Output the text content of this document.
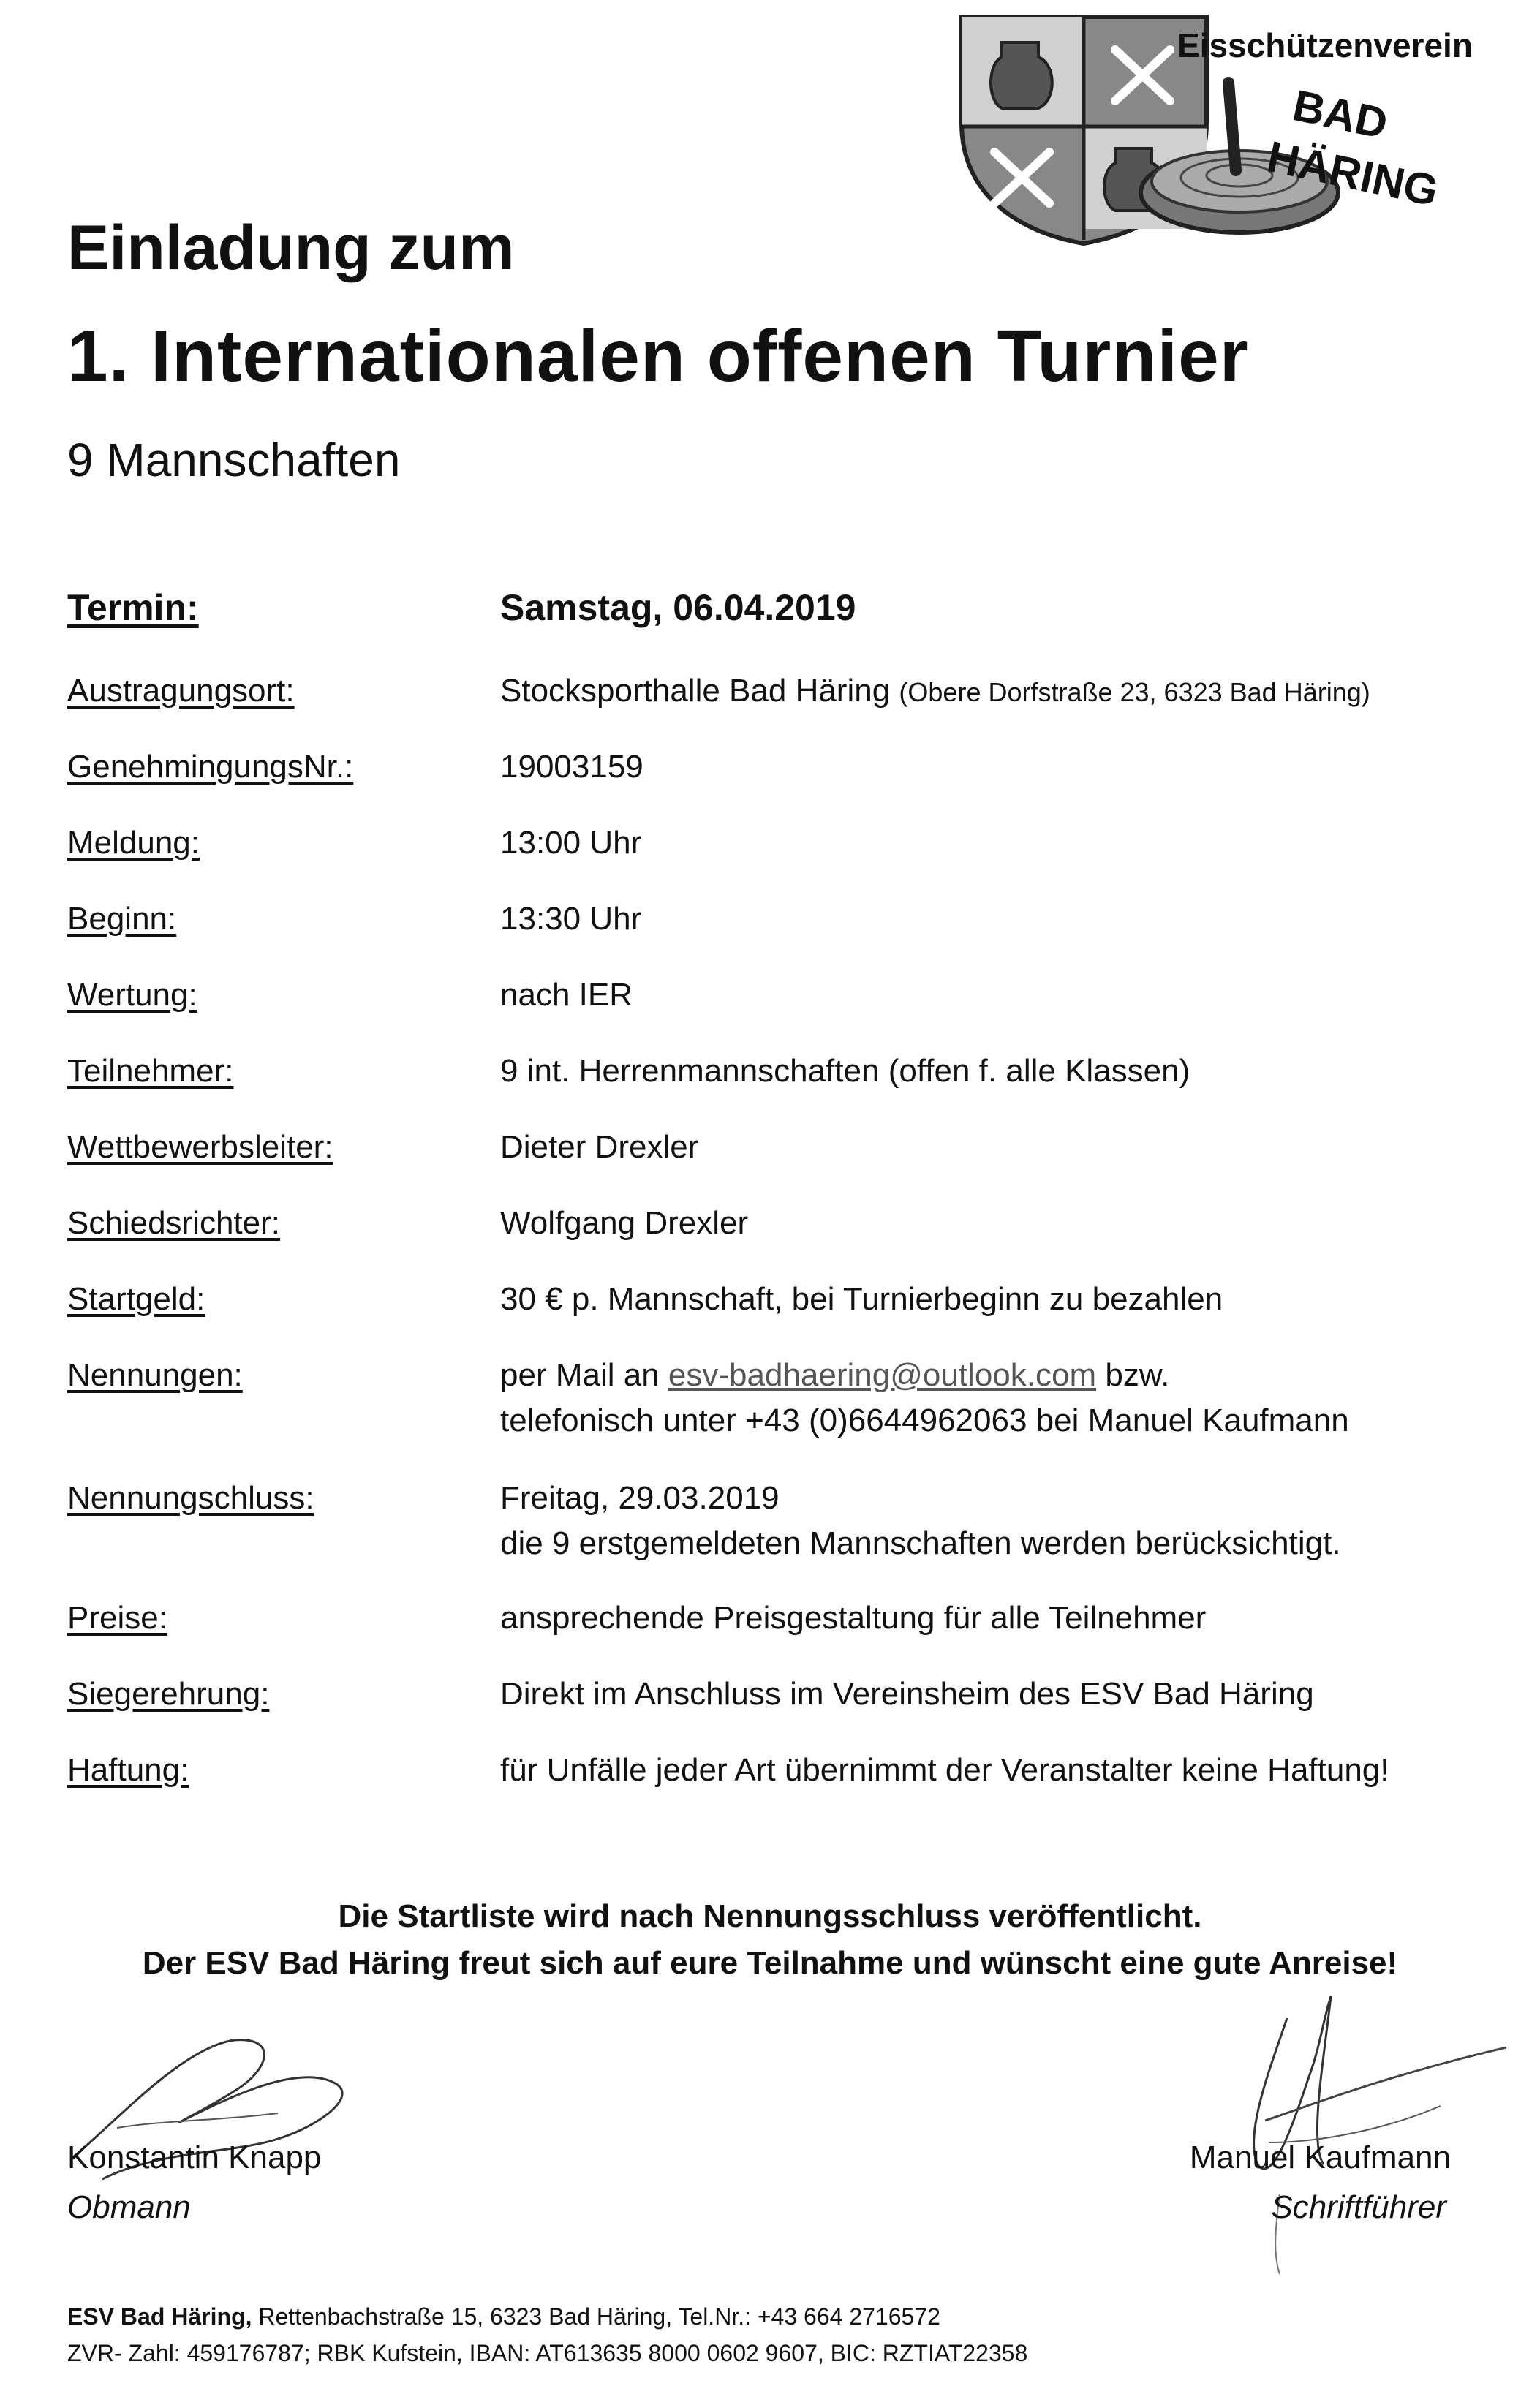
Eisschützenverein
BAD
HÄRING
Einladung zum
1. Internationalen offenen Turnier
9 Mannschaften
Termin:	Samstag, 06.04.2019
Austragungsort:	Stocksporthalle Bad Häring (Obere Dorfstraße 23, 6323 Bad Häring)
GenehmingungsNr.:	19003159
Meldung:	13:00 Uhr
Beginn:	13:30 Uhr
Wertung:	nach IER
Teilnehmer:	9 int. Herrenmannschaften (offen f. alle Klassen)
Wettbewerbsleiter:	Dieter Drexler
Schiedsrichter:	Wolfgang Drexler
Startgeld:	30 € p. Mannschaft, bei Turnierbeginn zu bezahlen
Nennungen:	per Mail an esv-badhaering@outlook.com bzw.
telefonisch unter +43 (0)6644962063 bei Manuel Kaufmann
Nennungschluss:	Freitag, 29.03.2019
die 9 erstgemeldeten Mannschaften werden berücksichtigt.
Preise:	ansprechende Preisgestaltung für alle Teilnehmer
Siegerehrung:	Direkt im Anschluss im Vereinsheim des ESV Bad Häring
Haftung:	für Unfälle jeder Art übernimmt der Veranstalter keine Haftung!
Die Startliste wird nach Nennungsschluss veröffentlicht.
Der ESV Bad Häring freut sich auf eure Teilnahme und wünscht eine gute Anreise!
Konstantin Knapp
Obmann
Manuel Kaufmann
Schriftführer
ESV Bad Häring, Rettenbachstraße 15, 6323 Bad Häring, Tel.Nr.: +43 664 2716572
ZVR- Zahl: 459176787; RBK Kufstein, IBAN: AT613635 8000 0602 9607, BIC: RZTIAT22358
